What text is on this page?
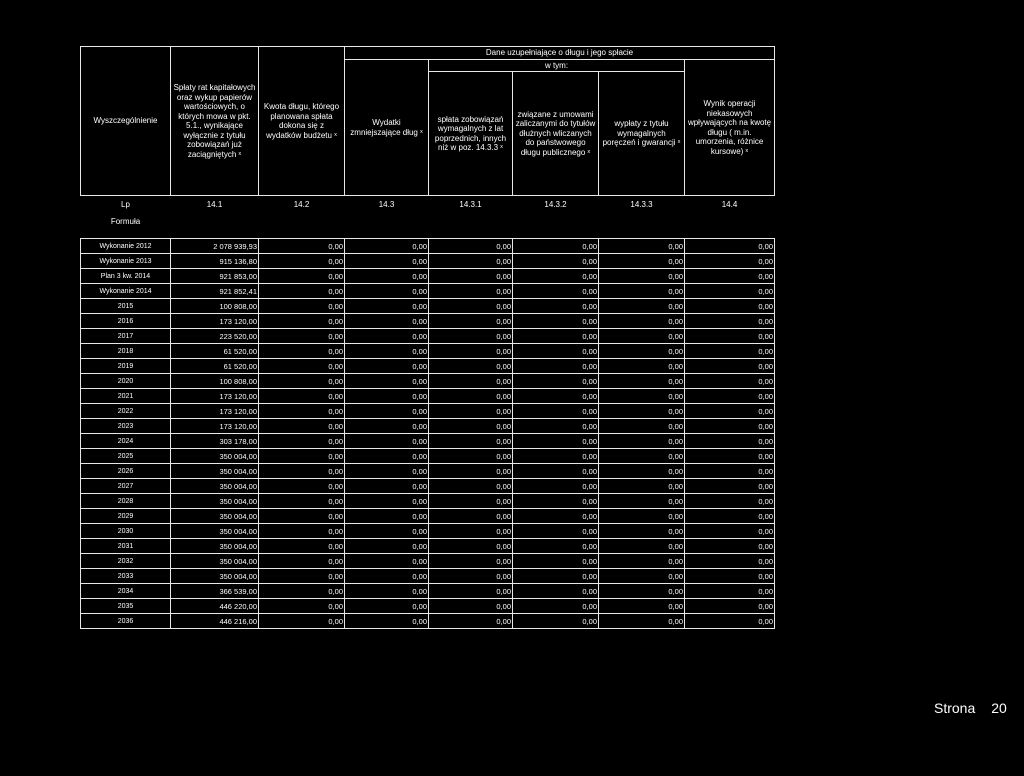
Wyszczególnienie	Spłaty rat kapitałowych oraz wykup papierów wartościowych, o których mowa w pkt. 5.1., wynikające wyłącznie z tytułu zobowiązań już zaciągniętych ˣ	Kwota długu, którego planowana spłata dokona się z wydatków budżetu ˣ	Dane uzupełniające o długu i jego spłacie				
			Wydatki zmniejszające dług ˣ	w tym:			Wynik operacji niekasowych wpływających na kwotę długu ( m.in. umorzenia, różnice kursowe) ˣ
				spłata zobowiązań wymagalnych z lat poprzednich, innych niż w poz. 14.3.3 ˣ	związane z umowami zaliczanymi do tytułów dłużnych wliczanych do państwowego długu publicznego ˣ	wypłaty z tytułu wymagalnych poręczeń i gwarancji ˣ	
Lp	14.1	14.2	14.3	14.3.1	14.3.2	14.3.3	14.4
Formuła							

Wykonanie 2012	2 078 939,93	0,00	0,00	0,00	0,00	0,00	0,00
Wykonanie 2013	915 136,80	0,00	0,00	0,00	0,00	0,00	0,00
Plan 3 kw. 2014	921 853,00	0,00	0,00	0,00	0,00	0,00	0,00
Wykonanie 2014	921 852,41	0,00	0,00	0,00	0,00	0,00	0,00
2015	100 808,00	0,00	0,00	0,00	0,00	0,00	0,00
2016	173 120,00	0,00	0,00	0,00	0,00	0,00	0,00
2017	223 520,00	0,00	0,00	0,00	0,00	0,00	0,00
2018	61 520,00	0,00	0,00	0,00	0,00	0,00	0,00
2019	61 520,00	0,00	0,00	0,00	0,00	0,00	0,00
2020	100 808,00	0,00	0,00	0,00	0,00	0,00	0,00
2021	173 120,00	0,00	0,00	0,00	0,00	0,00	0,00
2022	173 120,00	0,00	0,00	0,00	0,00	0,00	0,00
2023	173 120,00	0,00	0,00	0,00	0,00	0,00	0,00
2024	303 178,00	0,00	0,00	0,00	0,00	0,00	0,00
2025	350 004,00	0,00	0,00	0,00	0,00	0,00	0,00
2026	350 004,00	0,00	0,00	0,00	0,00	0,00	0,00
2027	350 004,00	0,00	0,00	0,00	0,00	0,00	0,00
2028	350 004,00	0,00	0,00	0,00	0,00	0,00	0,00
2029	350 004,00	0,00	0,00	0,00	0,00	0,00	0,00
2030	350 004,00	0,00	0,00	0,00	0,00	0,00	0,00
2031	350 004,00	0,00	0,00	0,00	0,00	0,00	0,00
2032	350 004,00	0,00	0,00	0,00	0,00	0,00	0,00
2033	350 004,00	0,00	0,00	0,00	0,00	0,00	0,00
2034	366 539,00	0,00	0,00	0,00	0,00	0,00	0,00
2035	446 220,00	0,00	0,00	0,00	0,00	0,00	0,00
2036	446 216,00	0,00	0,00	0,00	0,00	0,00	0,00
Strona 20
